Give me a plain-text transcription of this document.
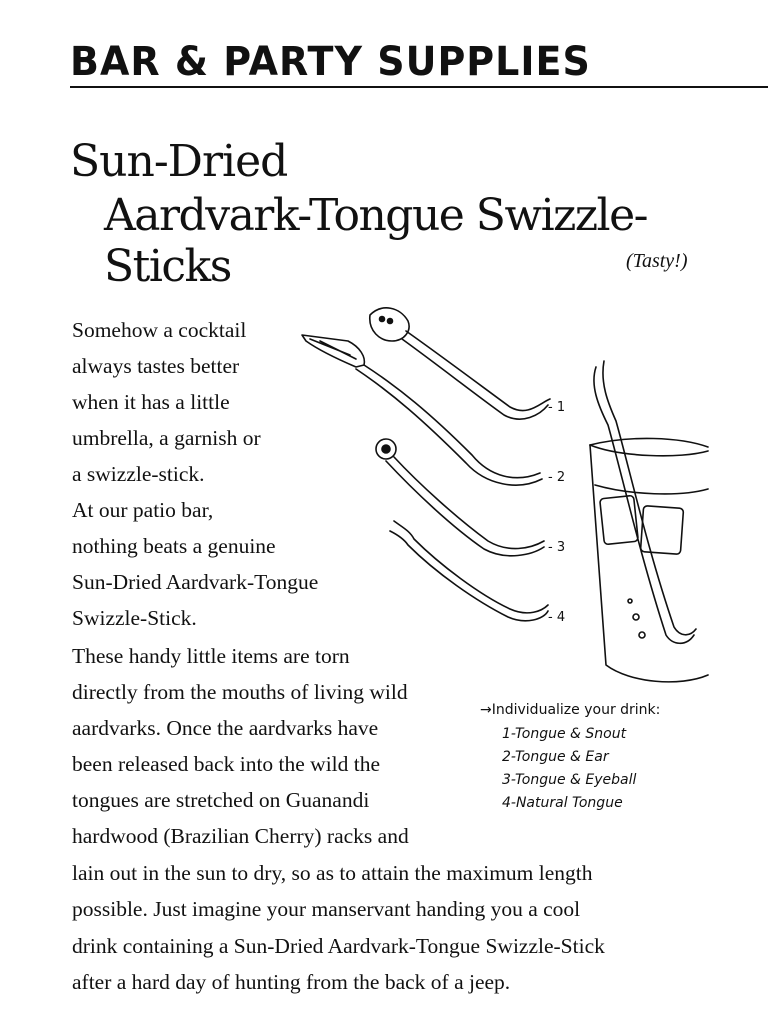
BAR & PARTY SUPPLIES
Sun-Dried
Aardvark-Tongue Swizzle-Sticks	(Tasty!)
Somehow a cocktail
always tastes better
when it has a little
umbrella, a garnish or
a swizzle-stick.
At our patio bar,
nothing beats a genuine
Sun-Dried Aardvark-Tongue
Swizzle-Stick.
These handy little items are torn
directly from the mouths of living wild
aardvarks. Once the aardvarks have
been released back into the wild the
tongues are stretched on Guanandi
hardwood (Brazilian Cherry) racks and
lain out in the sun to dry, so as to attain the maximum length
possible. Just imagine your manservant handing you a cool
drink containing a Sun-Dried Aardvark-Tongue Swizzle-Stick
after a hard day of hunting from the back of a jeep.
- 1
- 2
- 3
- 4
→Individualize your drink:
1-Tongue & Snout
2-Tongue & Ear
3-Tongue & Eyeball
4-Natural Tongue
